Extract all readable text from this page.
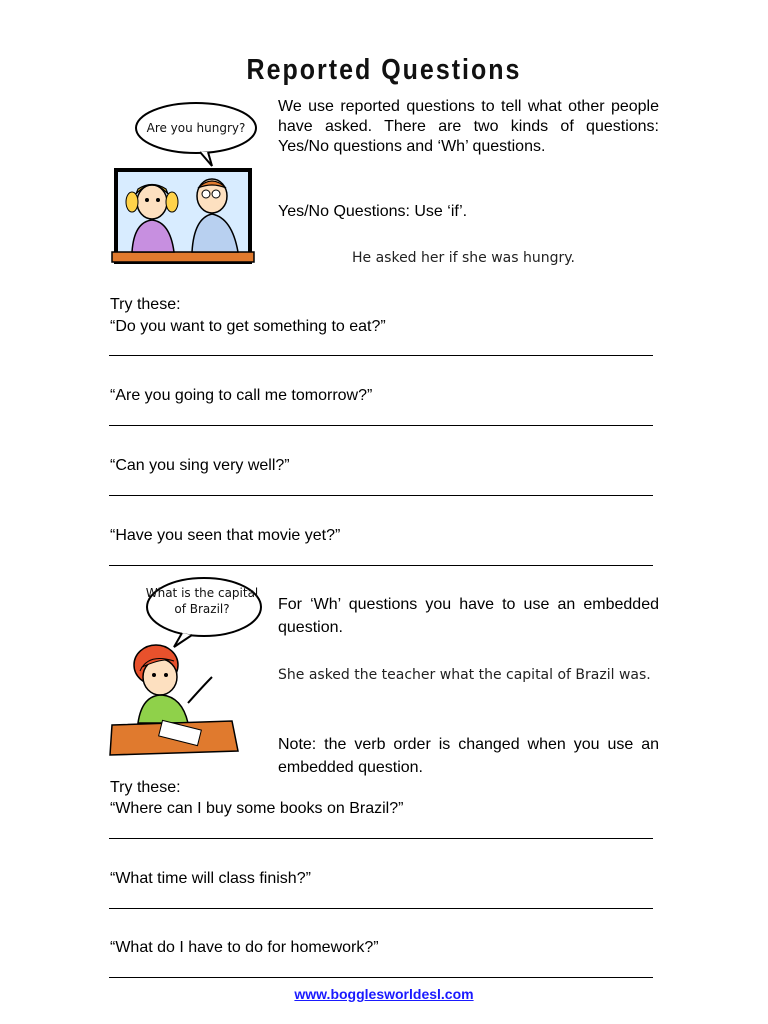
Reported Questions
Are you hungry?
We use reported questions to tell what other people have asked. There are two kinds of questions: Yes/No questions and ‘Wh’ questions.
Yes/No Questions: Use ‘if’.
He asked her if she was hungry.
Try these:
“Do you want to get something to eat?”
“Are you going to call me tomorrow?”
“Can you sing very well?”
“Have you seen that movie yet?”
What is the capital of Brazil?	For ‘Wh’ questions you have to use an embedded question.
She asked the teacher what the capital of Brazil was.
Note: the verb order is changed when you use an embedded question.
Try these:
“Where can I buy some books on Brazil?”
“What time will class finish?”
“What do I have to do for homework?”
www.bogglesworldesl.com
